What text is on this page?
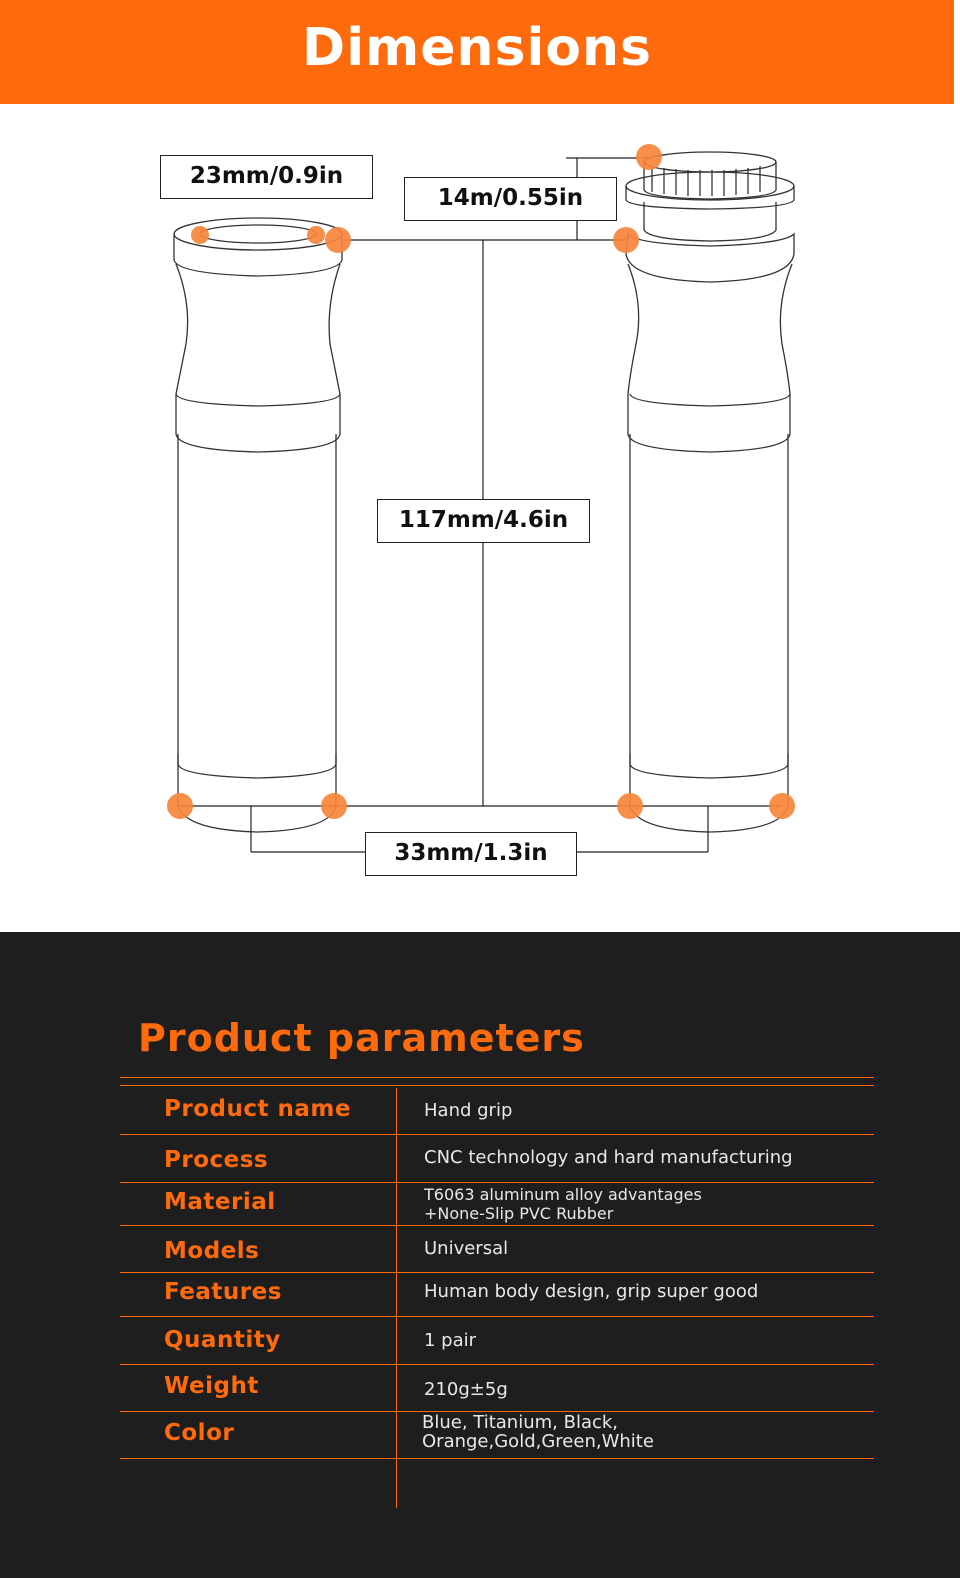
Dimensions
23mm/0.9in
14m/0.55in
117mm/4.6in
33mm/1.3in
Product parameters
Product name	Hand grip
Process	CNC technology and hard manufacturing
Material	T6063 aluminum alloy advantages
+None-Slip PVC Rubber
Models	Universal
Features	Human body design, grip super good
Quantity	1 pair
Weight	210g±5g
Color	Blue, Titanium, Black,
Orange,Gold,Green,White
